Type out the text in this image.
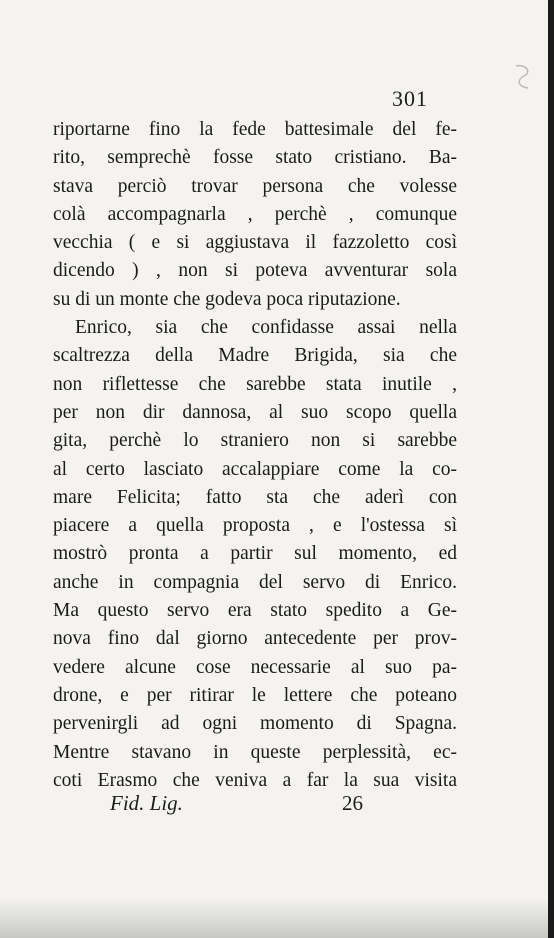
301
riportarne fino la fede battesimale del fe-
rito, semprechè fosse stato cristiano. Ba-
stava perciò trovar persona che volesse
colà accompagnarla , perchè , comunque
vecchia ( e si aggiustava il fazzoletto così
dicendo ) , non si poteva avventurar sola
su di un monte che godeva poca riputazione.
Enrico, sia che confidasse assai nella
scaltrezza della Madre Brigida, sia che
non riflettesse che sarebbe stata inutile ,
per non dir dannosa, al suo scopo quella
gita, perchè lo straniero non si sarebbe
al certo lasciato accalappiare come la co-
mare Felicita; fatto sta che aderì con
piacere a quella proposta , e l'ostessa sì
mostrò pronta a partir sul momento, ed
anche in compagnia del servo di Enrico.
Ma questo servo era stato spedito a Ge-
nova fino dal giorno antecedente per prov-
vedere alcune cose necessarie al suo pa-
drone, e per ritirar le lettere che poteano
pervenirgli ad ogni momento di Spagna.
Mentre stavano in queste perplessità, ec-
coti Erasmo che veniva a far la sua visita
Fid. Lig.	26
